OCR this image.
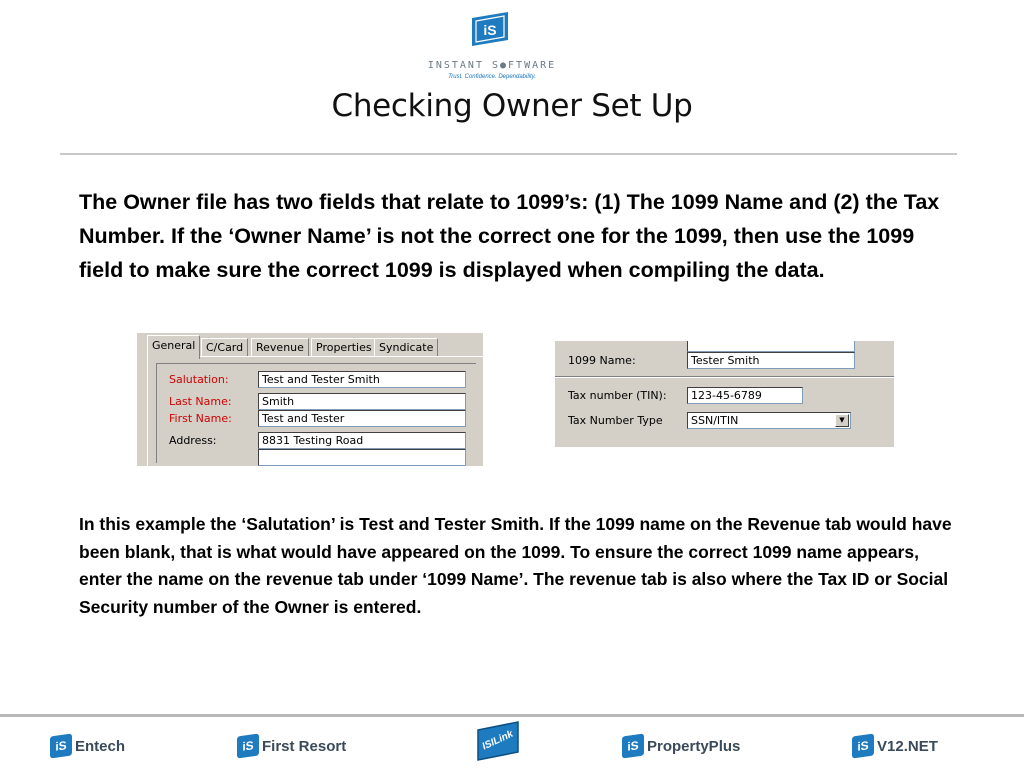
iS
INSTANT S●FTWARE
Trust. Confidence. Dependability.
Checking Owner Set Up
The Owner file has two fields that relate to 1099’s: (1) The 1099 Name and (2) the Tax Number. If the ‘Owner Name’ is not the correct one for the 1099, then use the 1099 field to make sure the correct 1099 is displayed when compiling the data.
General C/Card	Revenue	Properties Syndicate
Salutation:	Test and Tester Smith
Last Name:	Smith
First Name:	Test and Tester
Address:	8831 Testing Road
1099 Name:	Tester Smith
Tax number (TIN):	123-45-6789
Tax Number Type	SSN/ITIN	▼
In this example the ‘Salutation’ is Test and Tester Smith. If the 1099 name on the Revenue tab would have been blank, that is what would have appeared on the 1099. To ensure the correct 1099 name appears, enter the name on the revenue tab under ‘1099 Name’. The revenue tab is also where the Tax ID or Social Security number of the Owner is entered.
iS Entech	iS First Resort	ISILink	iS PropertyPlus	iS V12.NET
